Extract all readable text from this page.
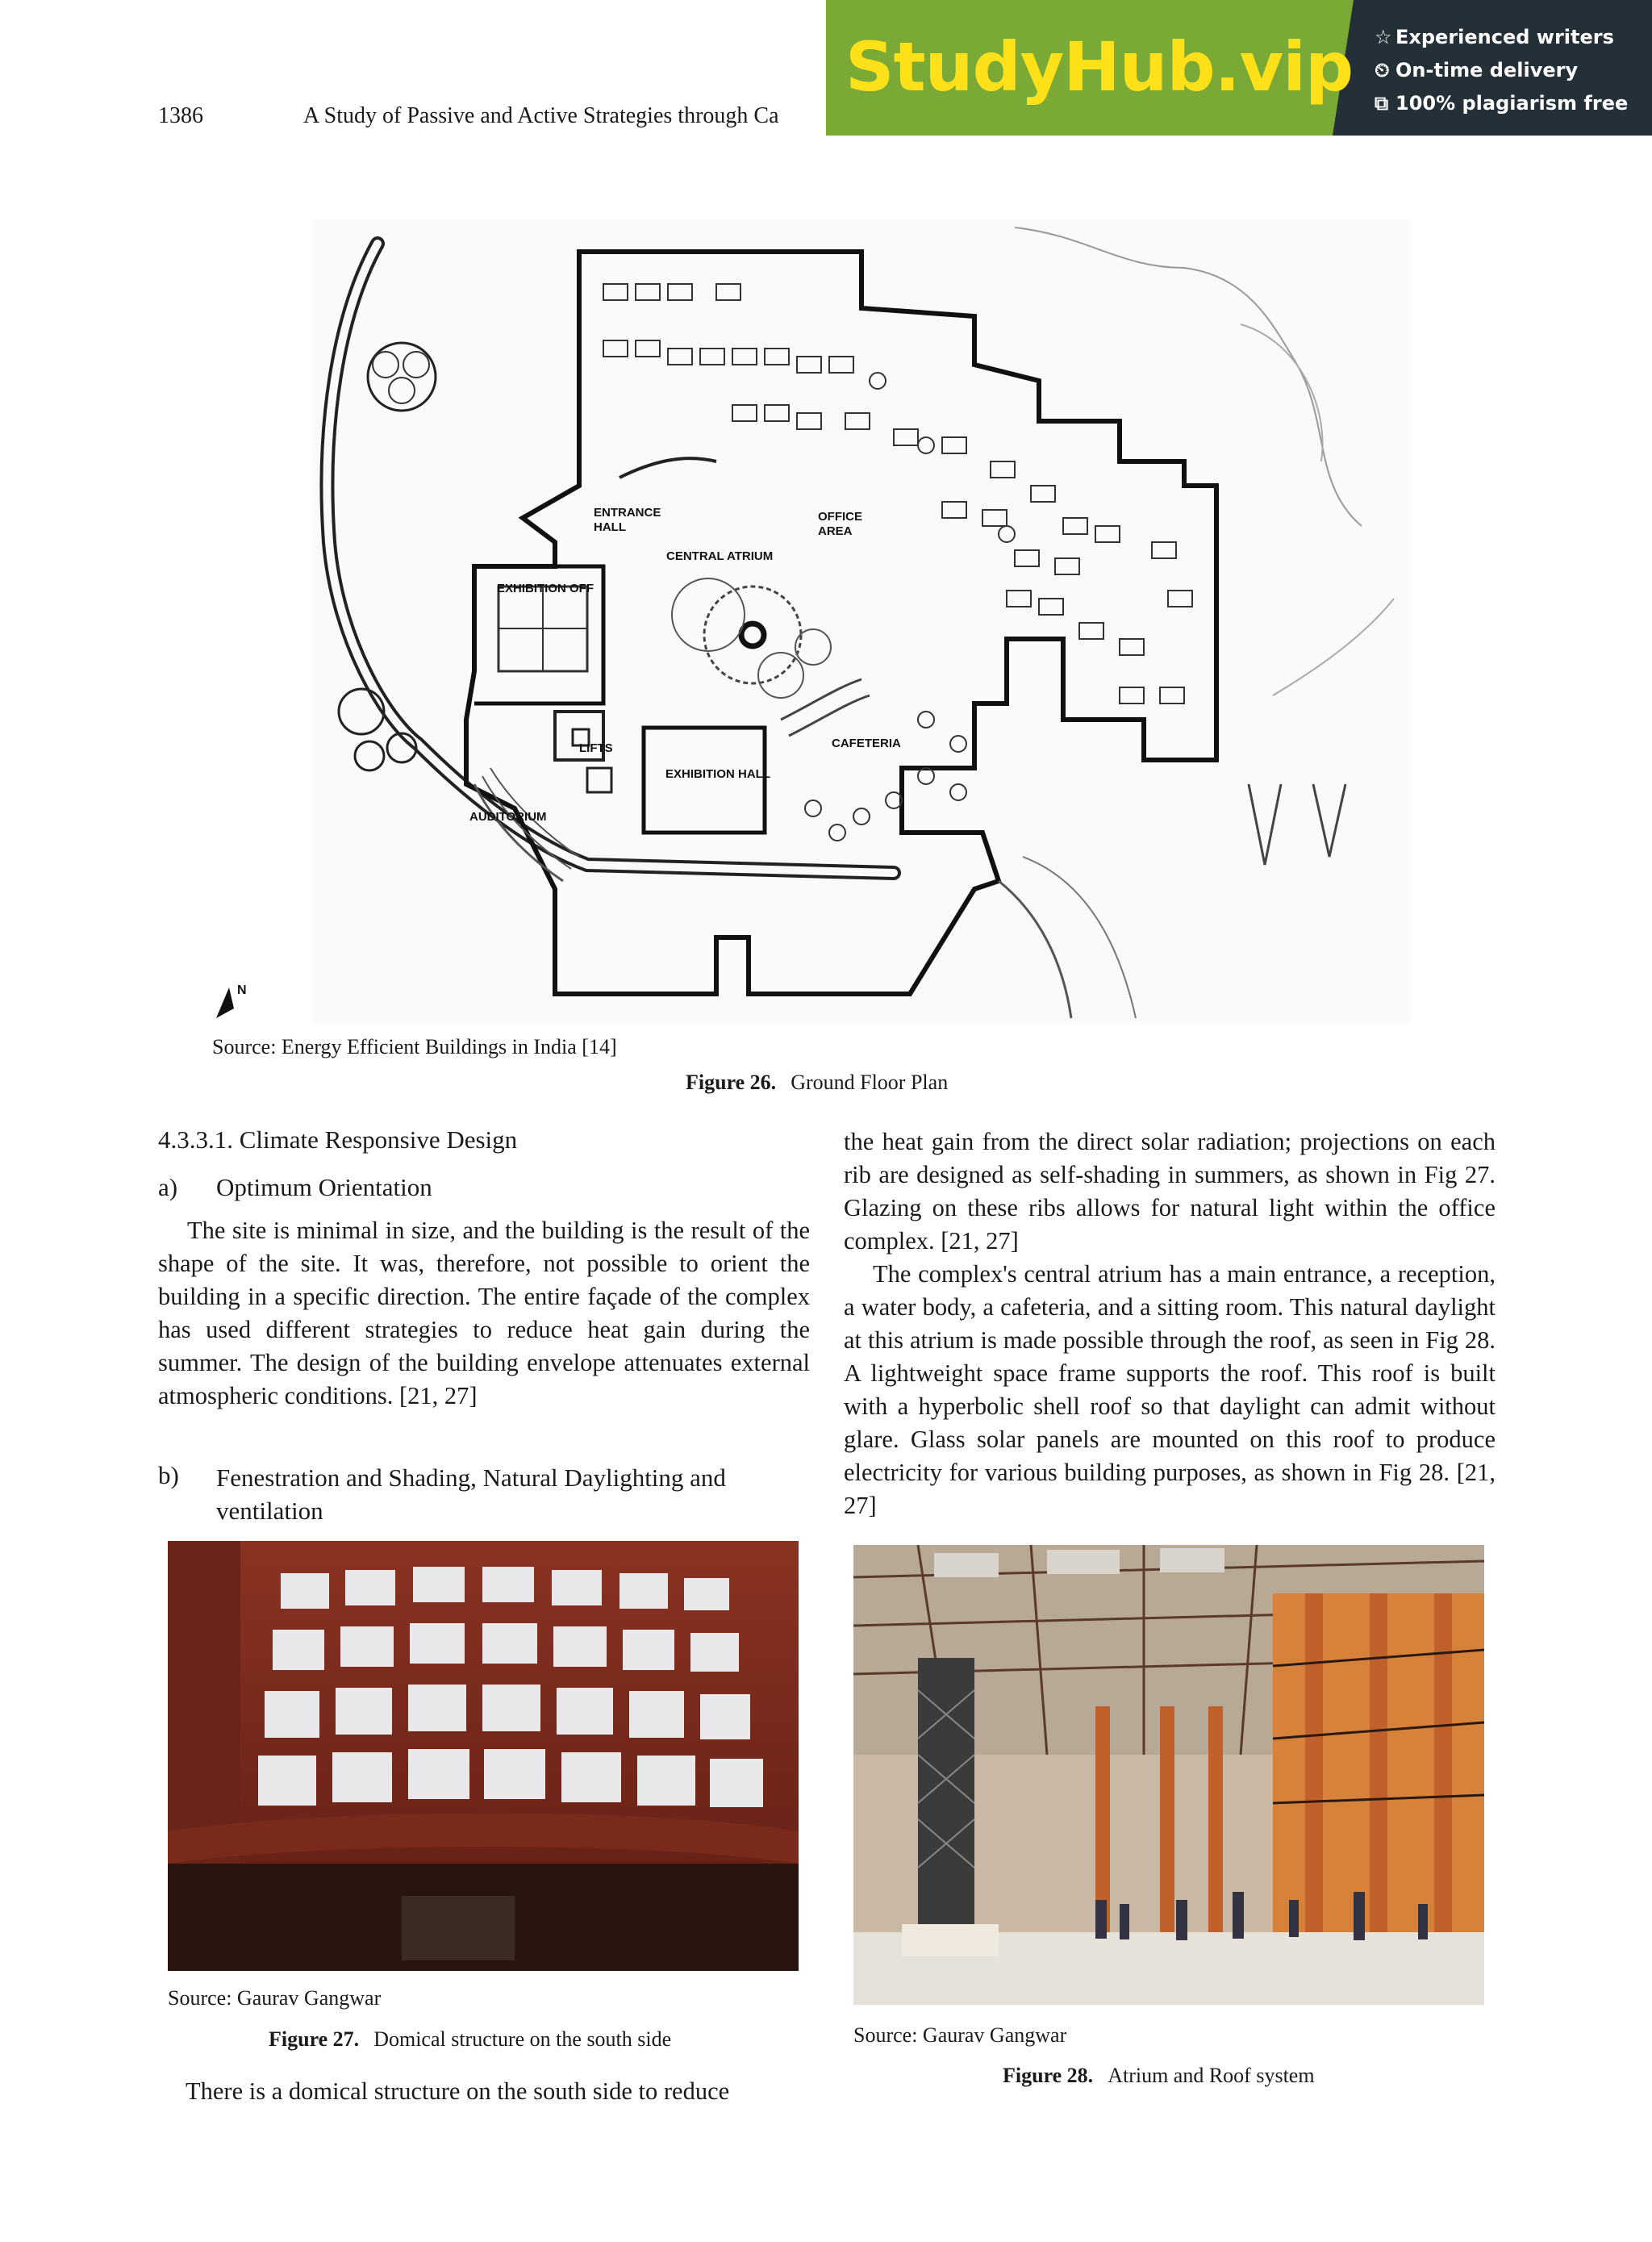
1386	A Study of Passive and Active Strategies through Ca
StudyHub.vip ☆ Experienced writers
⏲ On-time delivery
⧉ 100% plagiarism free
ENTRANCE
HALL
OFFICE
AREA
CENTRAL ATRIUM
EXHIBITION OFF
LIFTS
EXHIBITION HALL
CAFETERIA
AUDITORIUM
N
Source: Energy Efficient Buildings in India [14]
Figure 26. Ground Floor Plan
4.3.3.1. Climate Responsive Design
a) Optimum Orientation

The site is minimal in size, and the building is the result of the shape of the site. It was, therefore, not possible to orient the building in a specific direction. The entire façade of the complex has used different strategies to reduce heat gain during the summer. The design of the building envelope attenuates external atmospheric conditions. [21, 27]

b) Fenestration and Shading, Natural Daylighting and ventilation

the heat gain from the direct solar radiation; projections on each rib are designed as self-shading in summers, as shown in Fig 27. Glazing on these ribs allows for natural light within the office complex. [21, 27]

The complex's central atrium has a main entrance, a reception, a water body, a cafeteria, and a sitting room. This natural daylight at this atrium is made possible through the roof, as seen in Fig 28. A lightweight space frame supports the roof. This roof is built with a hyperbolic shell roof so that daylight can admit without glare. Glass solar panels are mounted on this roof to produce electricity for various building purposes, as shown in Fig 28. [21, 27]

Source: Gaurav Gangwar
Figure 27. Domical structure on the south side

There is a domical structure on the south side to reduce

Source: Gaurav Gangwar
Figure 28. Atrium and Roof system
